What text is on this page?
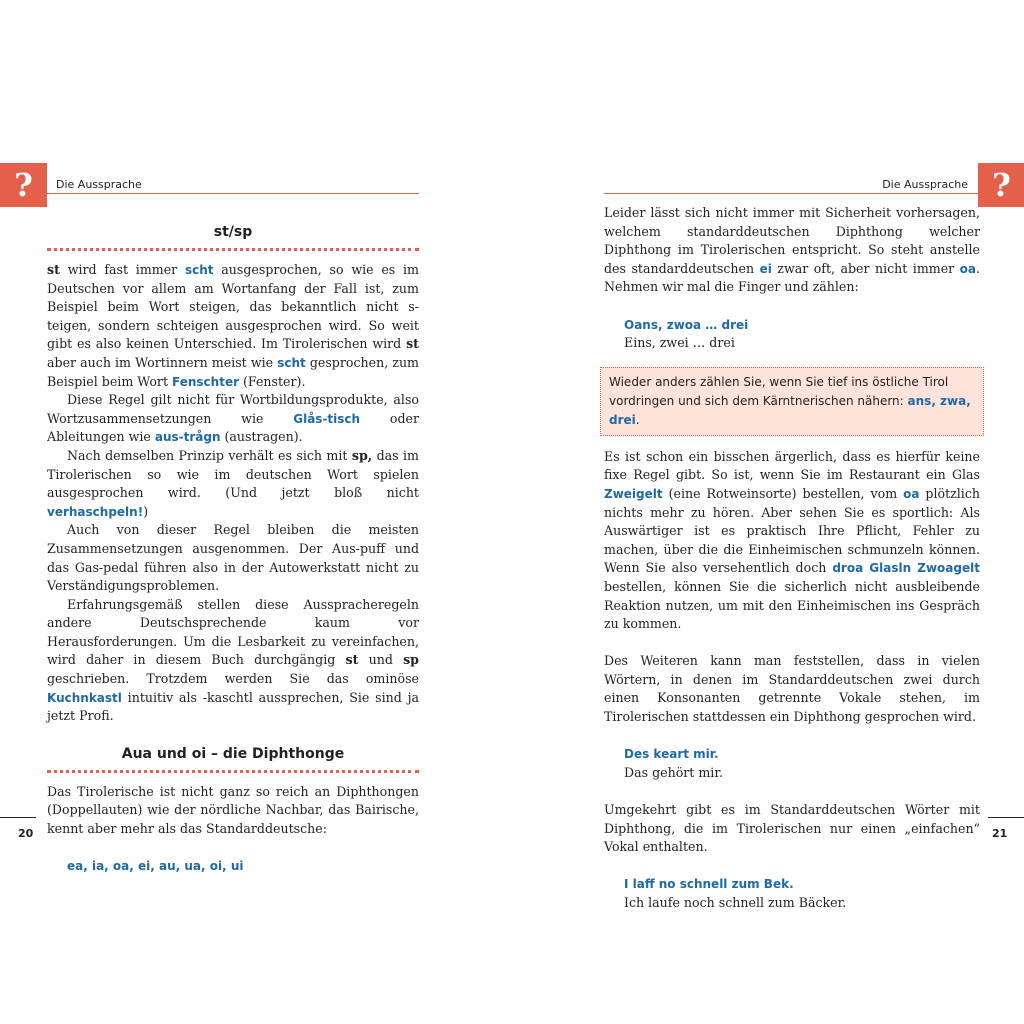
?	Die Aussprache
st/sp

st wird fast immer scht ausgesprochen, so wie es im Deutschen vor allem am Wortanfang der Fall ist, zum Beispiel beim Wort steigen, das bekanntlich nicht s-teigen, sondern schteigen ausgesprochen wird. So weit gibt es also keinen Unterschied. Im Tirolerischen wird st aber auch im Wortinnern meist wie scht gesprochen, zum Beispiel beim Wort Fenschter (Fenster).

Diese Regel gilt nicht für Wortbildungsprodukte, also Wortzusammensetzungen wie Glås-tisch oder Ableitungen wie aus-trågn (austragen).

Nach demselben Prinzip verhält es sich mit sp, das im Tirolerischen so wie im deutschen Wort spielen ausgesprochen wird. (Und jetzt bloß nicht verhaschpeln!)

Auch von dieser Regel bleiben die meisten Zusammensetzungen ausgenommen. Der Aus-puff und das Gas-pedal führen also in der Autowerkstatt nicht zu Verständigungsproblemen.

Erfahrungsgemäß stellen diese Ausspracheregeln andere Deutschsprechende kaum vor Herausforderungen. Um die Lesbarkeit zu vereinfachen, wird daher in diesem Buch durchgängig st und sp geschrieben. Trotzdem werden Sie das ominöse Kuchnkastl intuitiv als -kaschtl aussprechen, Sie sind ja jetzt Profi.

Aua und oi – die Diphthonge

Das Tirolerische ist nicht ganz so reich an Diphthongen (Doppellauten) wie der nördliche Nachbar, das Bairische, kennt aber mehr als das Standarddeutsche:

ea, ia, oa, ei, au, ua, oi, ui
20
?
Die Aussprache

Leider lässt sich nicht immer mit Sicherheit vorhersagen, welchem standarddeutschen Diphthong welcher Diphthong im Tirolerischen entspricht. So steht anstelle des standarddeutschen ei zwar oft, aber nicht immer oa. Nehmen wir mal die Finger und zählen:

Oans, zwoa … drei
Eins, zwei … drei
Wieder anders zählen Sie, wenn Sie tief ins östliche Tirol vordringen und sich dem Kärntnerischen nähern: ans, zwa, drei.

Es ist schon ein bisschen ärgerlich, dass es hierfür keine fixe Regel gibt. So ist, wenn Sie im Restaurant ein Glas Zweigelt (eine Rotweinsorte) bestellen, vom oa plötzlich nichts mehr zu hören. Aber sehen Sie es sportlich: Als Auswärtiger ist es praktisch Ihre Pflicht, Fehler zu machen, über die die Einheimischen schmunzeln können. Wenn Sie also versehentlich doch droa Glasln Zwoagelt bestellen, können Sie die sicherlich nicht ausbleibende Reaktion nutzen, um mit den Einheimischen ins Gespräch zu kommen.

Des Weiteren kann man feststellen, dass in vielen Wörtern, in denen im Standarddeutschen zwei durch einen Konsonanten getrennte Vokale stehen, im Tirolerischen stattdessen ein Diphthong gesprochen wird.

Des keart mir.
Das gehört mir.

Umgekehrt gibt es im Standarddeutschen Wörter mit Diphthong, die im Tirolerischen nur einen „einfachen“ Vokal enthalten.

I laff no schnell zum Bek.
Ich laufe noch schnell zum Bäcker.
21
